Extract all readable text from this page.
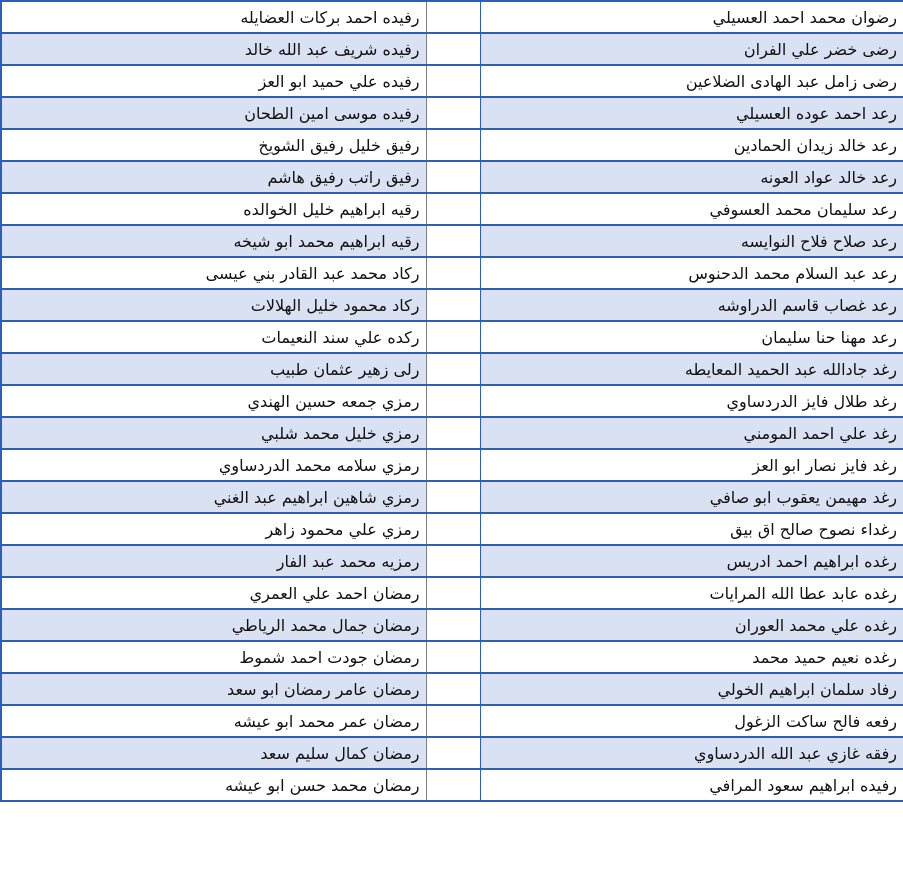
رفيده احمد بركات العضايله		رضوان محمد احمد العسيلي
رفيده شريف عبد الله خالد		رضى خضر علي الفران
رفيده علي حميد ابو العز		رضى زامل عبد الهادى الضلاعين
رفيده موسى امين الطحان		رعد احمد عوده العسيلي
رفيق خليل رفيق الشويخ		رعد خالد زيدان الحمادين
رفيق راتب رفيق هاشم		رعد خالد عواد العونه
رقيه ابراهيم خليل الخوالده		رعد سليمان محمد العسوفي
رقيه ابراهيم محمد ابو شيخه		رعد صلاح فلاح النوايسه
ركاد محمد عبد القادر بني عيسى		رعد عبد السلام محمد الدحنوس
ركاد محمود خليل الهلالات		رعد غصاب قاسم الدراوشه
ركده علي سند النعيمات		رعد مهنا حنا سليمان
رلى زهير عثمان طبيب		رغد جادالله عبد الحميد المعايطه
رمزي جمعه حسين الهندي		رغد طلال فايز الدردساوي
رمزي خليل محمد شلبي		رغد علي احمد المومني
رمزي سلامه محمد الدردساوي		رغد فايز نصار ابو العز
رمزي شاهين ابراهيم عبد الغني		رغد مهيمن يعقوب ابو صافي
رمزي علي محمود زاهر		رغداء نصوح صالح اق بيق
رمزيه محمد عبد الفار		رغده ابراهيم احمد ادريس
رمضان احمد علي العمري		رغده عابد عطا الله المرايات
رمضان جمال محمد الرياطي		رغده علي محمد العوران
رمضان جودت احمد شموط		رغده نعيم حميد محمد
رمضان عامر رمضان ابو سعد		رفاد سلمان ابراهيم الخولي
رمضان عمر محمد ابو عيشه		رفعه فالح ساكت الزغول
رمضان كمال سليم سعد		رفقه غازي عبد الله الدردساوي
رمضان محمد حسن ابو عيشه		رفيده ابراهيم سعود المرافي
